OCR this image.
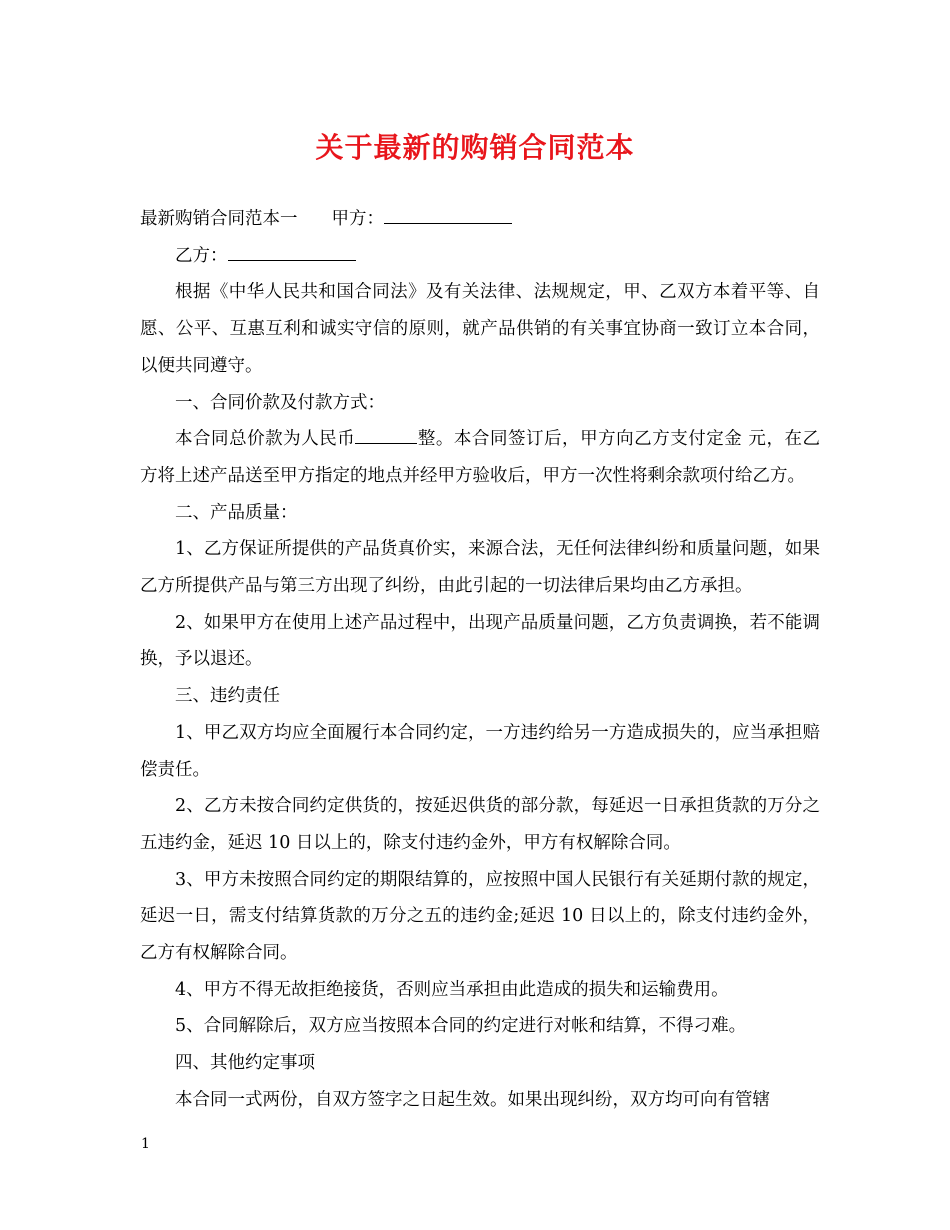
关于最新的购销合同范本

最新购销合同范本一 甲方：

乙方：

根据《中华人民共和国合同法》及有关法律、法规规定，甲、乙双方本着平等、自愿、公平、互惠互利和诚实守信的原则，就产品供销的有关事宜协商一致订立本合同，以便共同遵守。

一、合同价款及付款方式：

本合同总价款为人民币	整。本合同签订后，甲方向乙方支付定金 元，在乙方将上述产品送至甲方指定的地点并经甲方验收后，甲方一次性将剩余款项付给乙方。

二、产品质量：

1、乙方保证所提供的产品货真价实，来源合法，无任何法律纠纷和质量问题，如果乙方所提供产品与第三方出现了纠纷，由此引起的一切法律后果均由乙方承担。

2、如果甲方在使用上述产品过程中，出现产品质量问题，乙方负责调换，若不能调换，予以退还。

三、违约责任

1、甲乙双方均应全面履行本合同约定，一方违约给另一方造成损失的，应当承担赔偿责任。

2、乙方未按合同约定供货的，按延迟供货的部分款，每延迟一日承担货款的万分之五违约金，延迟 10 日以上的，除支付违约金外，甲方有权解除合同。

3、甲方未按照合同约定的期限结算的，应按照中国人民银行有关延期付款的规定，延迟一日，需支付结算货款的万分之五的违约金;延迟 10 日以上的，除支付违约金外，乙方有权解除合同。

4、甲方不得无故拒绝接货，否则应当承担由此造成的损失和运输费用。

5、合同解除后，双方应当按照本合同的约定进行对帐和结算，不得刁难。

四、其他约定事项

本合同一式两份，自双方签字之日起生效。如果出现纠纷，双方均可向有管辖

1
